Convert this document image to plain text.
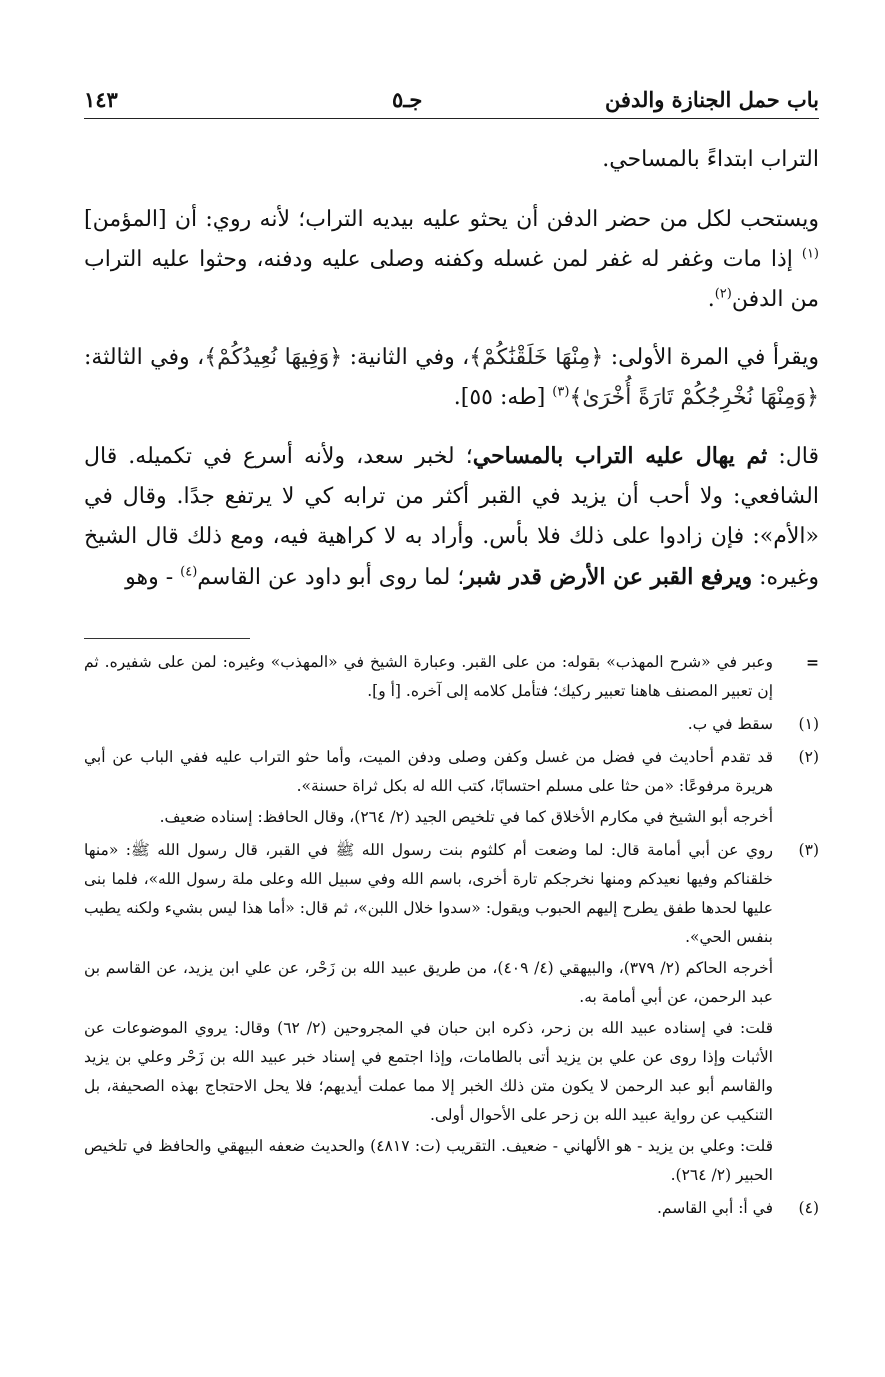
باب حمل الجنازة والدفن
جـ٥
١٤٣

التراب ابتداءً بالمساحي.

ويستحب لكل من حضر الدفن أن يحثو عليه بيديه التراب؛ لأنه روي: أن [المؤمن]$^{(١)}$ إذا مات وغفر له غفر لمن غسله وكفنه وصلى عليه ودفنه، وحثوا عليه التراب من الدفن$^{(٢)}$.

ويقرأ في المرة الأولى: ﴿مِنْهَا خَلَقْنَٰكُمْ﴾، وفي الثانية: ﴿وَفِيهَا نُعِيدُكُمْ﴾، وفي الثالثة: ﴿وَمِنْهَا نُخْرِجُكُمْ تَارَةً أُخْرَىٰ﴾$^{(٣)}$ [طه: ٥٥].

قال: ثم يهال عليه التراب بالمساحي؛ لخبر سعد، ولأنه أسرع في تكميله. قال الشافعي: ولا أحب أن يزيد في القبر أكثر من ترابه كي لا يرتفع جدًا. وقال في «الأم»: فإن زادوا على ذلك فلا بأس. وأراد به لا كراهية فيه، ومع ذلك قال الشيخ وغيره: ويرفع القبر عن الأرض قدر شبر؛ لما روى أبو داود عن القاسم$^{(٤)}$ - وهو

=

وعبر في «شرح المهذب» بقوله: من على القبر. وعبارة الشيخ في «المهذب» وغيره: لمن على شفيره. ثم إن تعبير المصنف هاهنا تعبير ركيك؛ فتأمل كلامه إلى آخره. [أ و].

(١)

سقط في ب.

(٢)

قد تقدم أحاديث في فضل من غسل وكفن وصلى ودفن الميت، وأما حثو التراب عليه ففي الباب عن أبي هريرة مرفوعًا: «من حثا على مسلم احتسابًا، كتب الله له بكل ثراة حسنة».

أخرجه أبو الشيخ في مكارم الأخلاق كما في تلخيص الجيد (٢/ ٢٦٤)، وقال الحافظ: إسناده ضعيف.

(٣)

روي عن أبي أمامة قال: لما وضعت أم كلثوم بنت رسول الله ﷺ في القبر، قال رسول الله ﷺ: «منها خلقناكم وفيها نعيدكم ومنها نخرجكم تارة أخرى، باسم الله وفي سبيل الله وعلى ملة رسول الله»، فلما بنى عليها لحدها طفق يطرح إليهم الحبوب ويقول: «سدوا خلال اللبن»، ثم قال: «أما هذا ليس بشيء ولكنه يطيب بنفس الحي».

أخرجه الحاكم (٢/ ٣٧٩)، والبيهقي (٤/ ٤٠٩)، من طريق عبيد الله بن زَحْر، عن علي ابن يزيد، عن القاسم بن عبد الرحمن، عن أبي أمامة به.

قلت: في إسناده عبيد الله بن زحر، ذكره ابن حبان في المجروحين (٢/ ٦٢) وقال: يروي الموضوعات عن الأثبات وإذا روى عن علي بن يزيد أتى بالطامات، وإذا اجتمع في إسناد خبر عبيد الله بن زَحْر وعلي بن يزيد والقاسم أبو عبد الرحمن لا يكون متن ذلك الخبر إلا مما عملت أيديهم؛ فلا يحل الاحتجاج بهذه الصحيفة، بل التنكيب عن رواية عبيد الله بن زحر على الأحوال أولى.

قلت: وعلي بن يزيد - هو الألهاني - ضعيف. التقريب (ت: ٤٨١٧) والحديث ضعفه البيهقي والحافظ في تلخيص الحبير (٢/ ٢٦٤).

(٤)

في أ: أبي القاسم.
